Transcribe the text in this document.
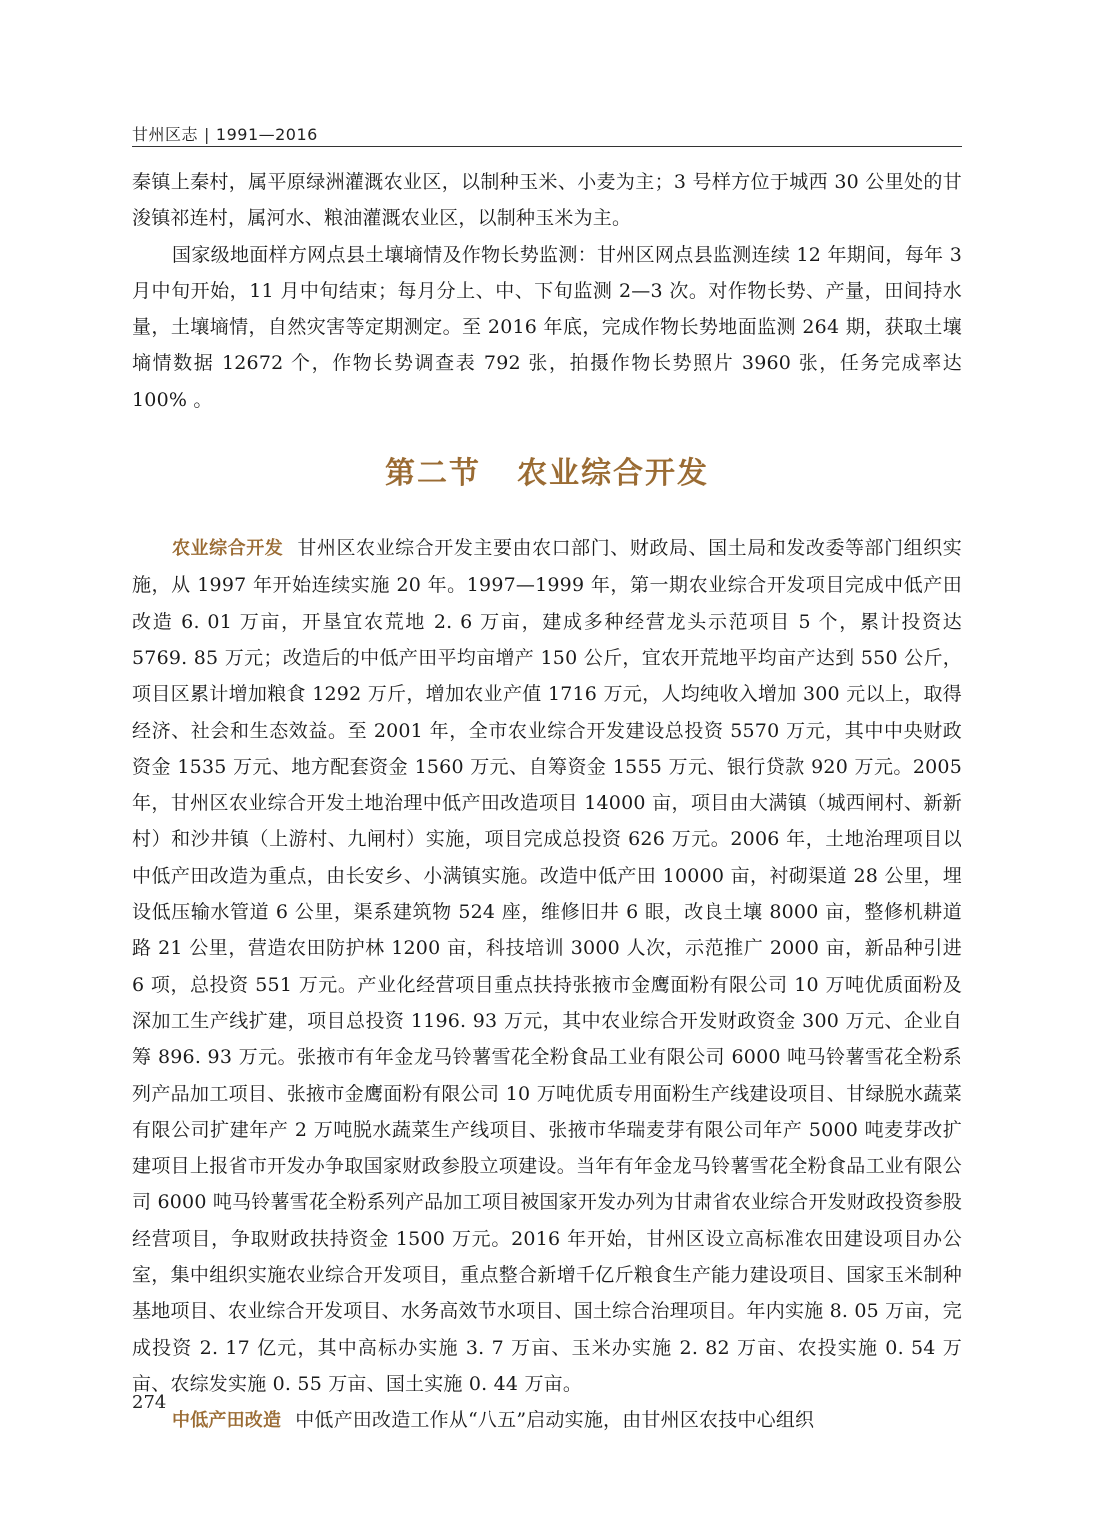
甘州区志 | 1991—2016

秦镇上秦村，属平原绿洲灌溉农业区，以制种玉米、小麦为主；3 号样方位于城西 30 公里处的甘浚镇祁连村，属河水、粮油灌溉农业区，以制种玉米为主。

国家级地面样方网点县土壤墒情及作物长势监测：甘州区网点县监测连续 12 年期间，每年 3 月中旬开始，11 月中旬结束；每月分上、中、下旬监测 2—3 次。对作物长势、产量，田间持水量，土壤墒情，自然灾害等定期测定。至 2016 年底，完成作物长势地面监测 264 期，获取土壤墒情数据 12672 个，作物长势调查表 792 张，拍摄作物长势照片 3960 张，任务完成率达 100% 。

第二节 农业综合开发

农业综合开发 甘州区农业综合开发主要由农口部门、财政局、国土局和发改委等部门组织实施，从 1997 年开始连续实施 20 年。1997—1999 年，第一期农业综合开发项目完成中低产田改造 6. 01 万亩，开垦宜农荒地 2. 6 万亩，建成多种经营龙头示范项目 5 个，累计投资达 5769. 85 万元；改造后的中低产田平均亩增产 150 公斤，宜农开荒地平均亩产达到 550 公斤，项目区累计增加粮食 1292 万斤，增加农业产值 1716 万元，人均纯收入增加 300 元以上，取得经济、社会和生态效益。至 2001 年，全市农业综合开发建设总投资 5570 万元，其中中央财政资金 1535 万元、地方配套资金 1560 万元、自筹资金 1555 万元、银行贷款 920 万元。2005 年，甘州区农业综合开发土地治理中低产田改造项目 14000 亩，项目由大满镇（城西闸村、新新村）和沙井镇（上游村、九闸村）实施，项目完成总投资 626 万元。2006 年，土地治理项目以中低产田改造为重点，由长安乡、小满镇实施。改造中低产田 10000 亩，衬砌渠道 28 公里，埋设低压输水管道 6 公里，渠系建筑物 524 座，维修旧井 6 眼，改良土壤 8000 亩，整修机耕道路 21 公里，营造农田防护林 1200 亩，科技培训 3000 人次，示范推广 2000 亩，新品种引进 6 项，总投资 551 万元。产业化经营项目重点扶持张掖市金鹰面粉有限公司 10 万吨优质面粉及深加工生产线扩建，项目总投资 1196. 93 万元，其中农业综合开发财政资金 300 万元、企业自筹 896. 93 万元。张掖市有年金龙马铃薯雪花全粉食品工业有限公司 6000 吨马铃薯雪花全粉系列产品加工项目、张掖市金鹰面粉有限公司 10 万吨优质专用面粉生产线建设项目、甘绿脱水蔬菜有限公司扩建年产 2 万吨脱水蔬菜生产线项目、张掖市华瑞麦芽有限公司年产 5000 吨麦芽改扩建项目上报省市开发办争取国家财政参股立项建设。当年有年金龙马铃薯雪花全粉食品工业有限公司 6000 吨马铃薯雪花全粉系列产品加工项目被国家开发办列为甘肃省农业综合开发财政投资参股经营项目，争取财政扶持资金 1500 万元。2016 年开始，甘州区设立高标准农田建设项目办公室，集中组织实施农业综合开发项目，重点整合新增千亿斤粮食生产能力建设项目、国家玉米制种基地项目、农业综合开发项目、水务高效节水项目、国土综合治理项目。年内实施 8. 05 万亩，完成投资 2. 17 亿元，其中高标办实施 3. 7 万亩、玉米办实施 2. 82 万亩、农投实施 0. 54 万亩、农综发实施 0. 55 万亩、国土实施 0. 44 万亩。

中低产田改造 中低产田改造工作从“八五”启动实施，由甘州区农技中心组织

274
